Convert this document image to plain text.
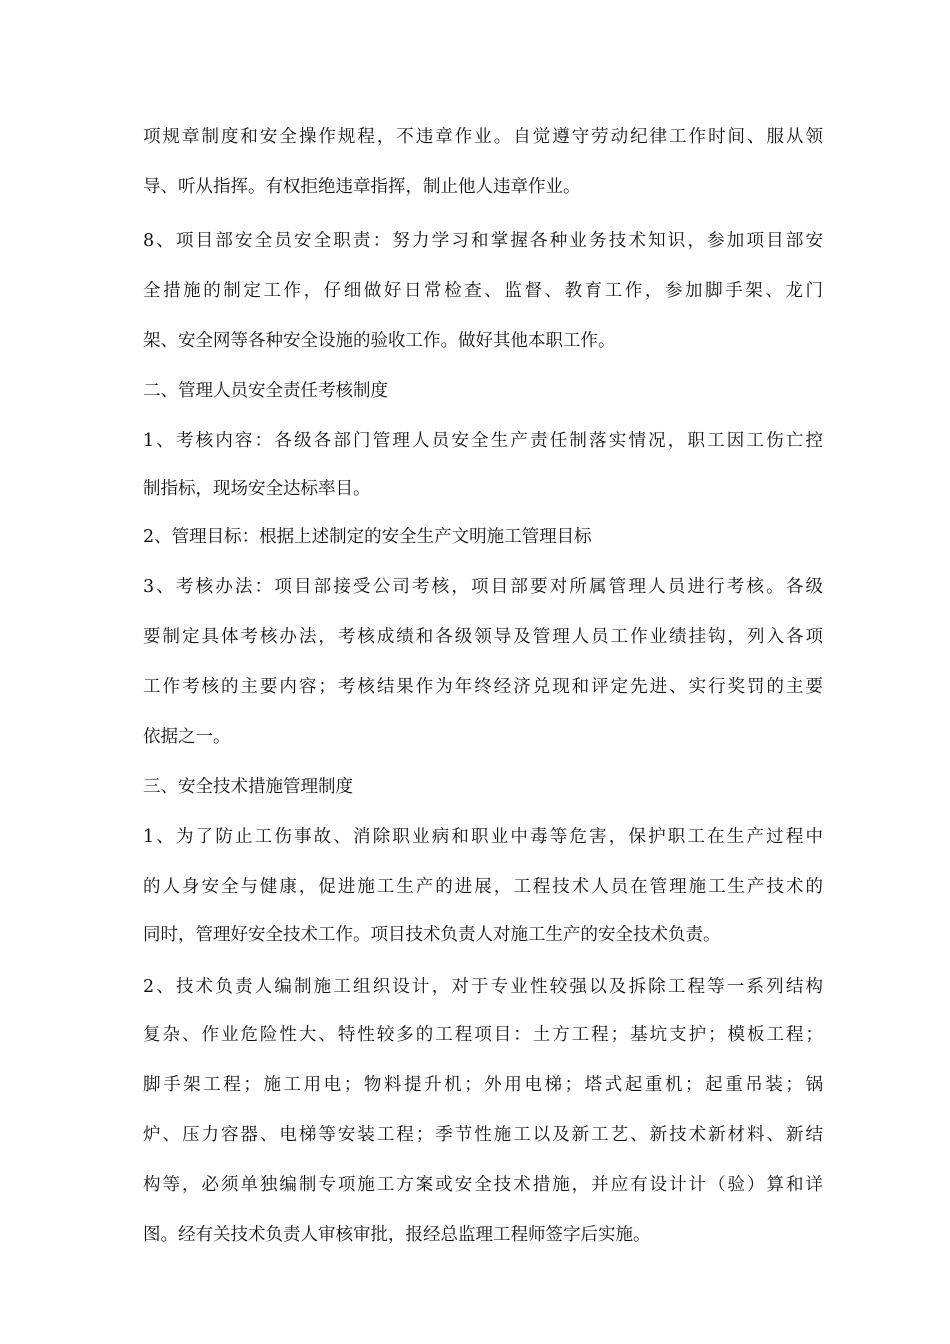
项规章制度和安全操作规程，不违章作业。自觉遵守劳动纪律工作时间、服从领

导、听从指挥。有权拒绝违章指挥，制止他人违章作业。

8、项目部安全员安全职责：努力学习和掌握各种业务技术知识，参加项目部安

全措施的制定工作，仔细做好日常检查、监督、教育工作，参加脚手架、龙门

架、安全网等各种安全设施的验收工作。做好其他本职工作。

二、管理人员安全责任考核制度

1、考核内容：各级各部门管理人员安全生产责任制落实情况，职工因工伤亡控

制指标，现场安全达标率目。

2、管理目标：根据上述制定的安全生产文明施工管理目标

3、考核办法：项目部接受公司考核，项目部要对所属管理人员进行考核。各级

要制定具体考核办法，考核成绩和各级领导及管理人员工作业绩挂钩，列入各项

工作考核的主要内容；考核结果作为年终经济兑现和评定先进、实行奖罚的主要

依据之一。

三、安全技术措施管理制度

1、为了防止工伤事故、消除职业病和职业中毒等危害，保护职工在生产过程中

的人身安全与健康，促进施工生产的进展，工程技术人员在管理施工生产技术的

同时，管理好安全技术工作。项目技术负责人对施工生产的安全技术负责。

2、技术负责人编制施工组织设计，对于专业性较强以及拆除工程等一系列结构

复杂、作业危险性大、特性较多的工程项目：土方工程；基坑支护；模板工程；

脚手架工程；施工用电；物料提升机；外用电梯；塔式起重机；起重吊装；锅

炉、压力容器、电梯等安装工程；季节性施工以及新工艺、新技术新材料、新结

构等，必须单独编制专项施工方案或安全技术措施，并应有设计计（验）算和详

图。经有关技术负责人审核审批，报经总监理工程师签字后实施。
